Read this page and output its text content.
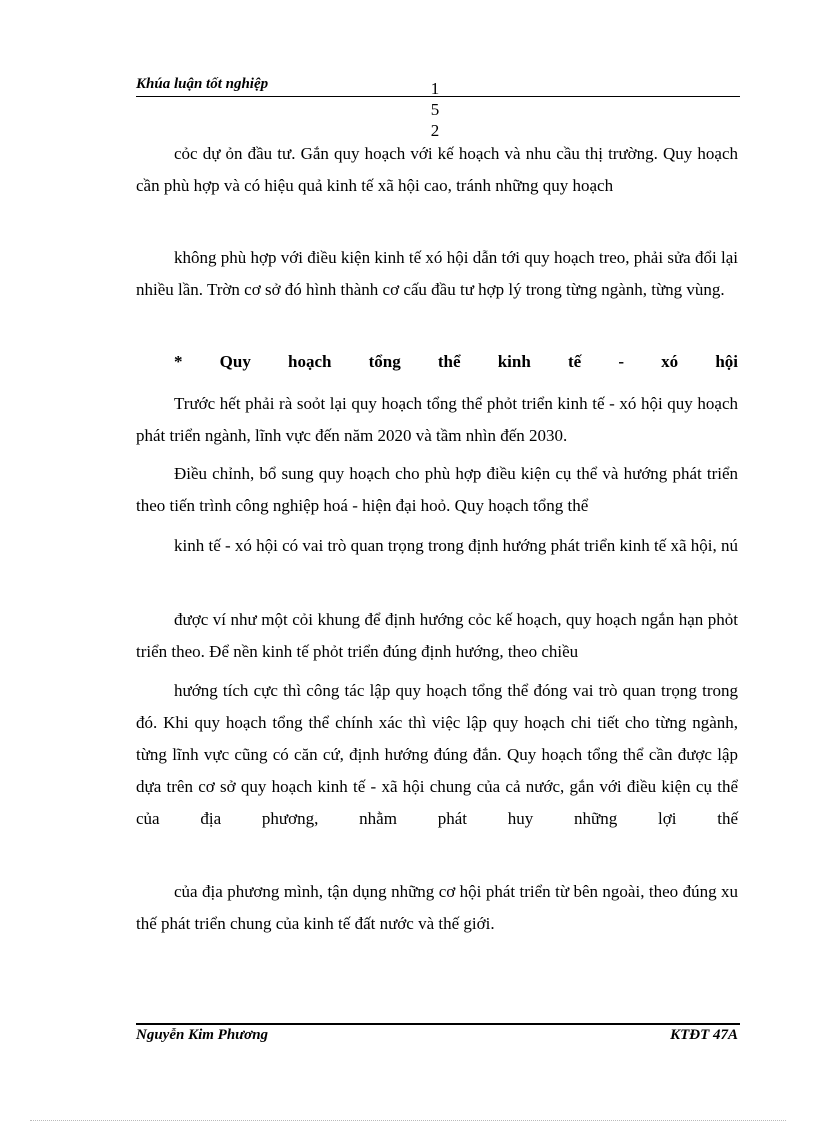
Khúa luận tốt nghiệp	1
5
2

cỏc dự ỏn đầu tư. Gắn quy hoạch với kế hoạch và nhu cầu thị trường. Quy hoạch cần phù hợp và có hiệu quả kinh tế xã hội cao, tránh những quy hoạch

không phù hợp với điều kiện kinh tế xó hội dẫn tới quy hoạch treo, phải sửa đổi lại nhiều lần. Trờn cơ sở đó hình thành cơ cấu đầu tư hợp lý trong từng ngành, từng vùng.

* Quy hoạch tổng thể kinh tế - xó hội

Trước hết phải rà soỏt lại quy hoạch tổng thể phỏt triển kinh tế - xó hội quy hoạch phát triển ngành, lĩnh vực đến năm 2020 và tầm nhìn đến 2030.

Điều chỉnh, bổ sung quy hoạch cho phù hợp điều kiện cụ thể và hướng phát triển theo tiến trình công nghiệp hoá - hiện đại hoỏ. Quy hoạch tổng thể

kinh tế - xó hội có vai trò quan trọng trong định hướng phát triển kinh tế xã hội, nú

được ví như một cỏi khung để định hướng cỏc kế hoạch, quy hoạch ngắn hạn phỏt triển theo. Để nền kinh tế phỏt triển đúng định hướng, theo chiều

hướng tích cực thì công tác lập quy hoạch tổng thể đóng vai trò quan trọng trong đó. Khi quy hoạch tổng thể chính xác thì việc lập quy hoạch chi tiết cho từng ngành, từng lĩnh vực cũng có căn cứ, định hướng đúng đắn. Quy hoạch tổng thể cần được lập dựa trên cơ sở quy hoạch kinh tế - xã hội chung của cả nước, gắn với điều kiện cụ thể của địa phương, nhằm phát huy những lợi thế

của địa phương mình, tận dụng những cơ hội phát triển từ bên ngoài, theo đúng xu thế phát triển chung của kinh tế đất nước và thế giới.

Nguyễn Kim Phương	KTĐT 47A
